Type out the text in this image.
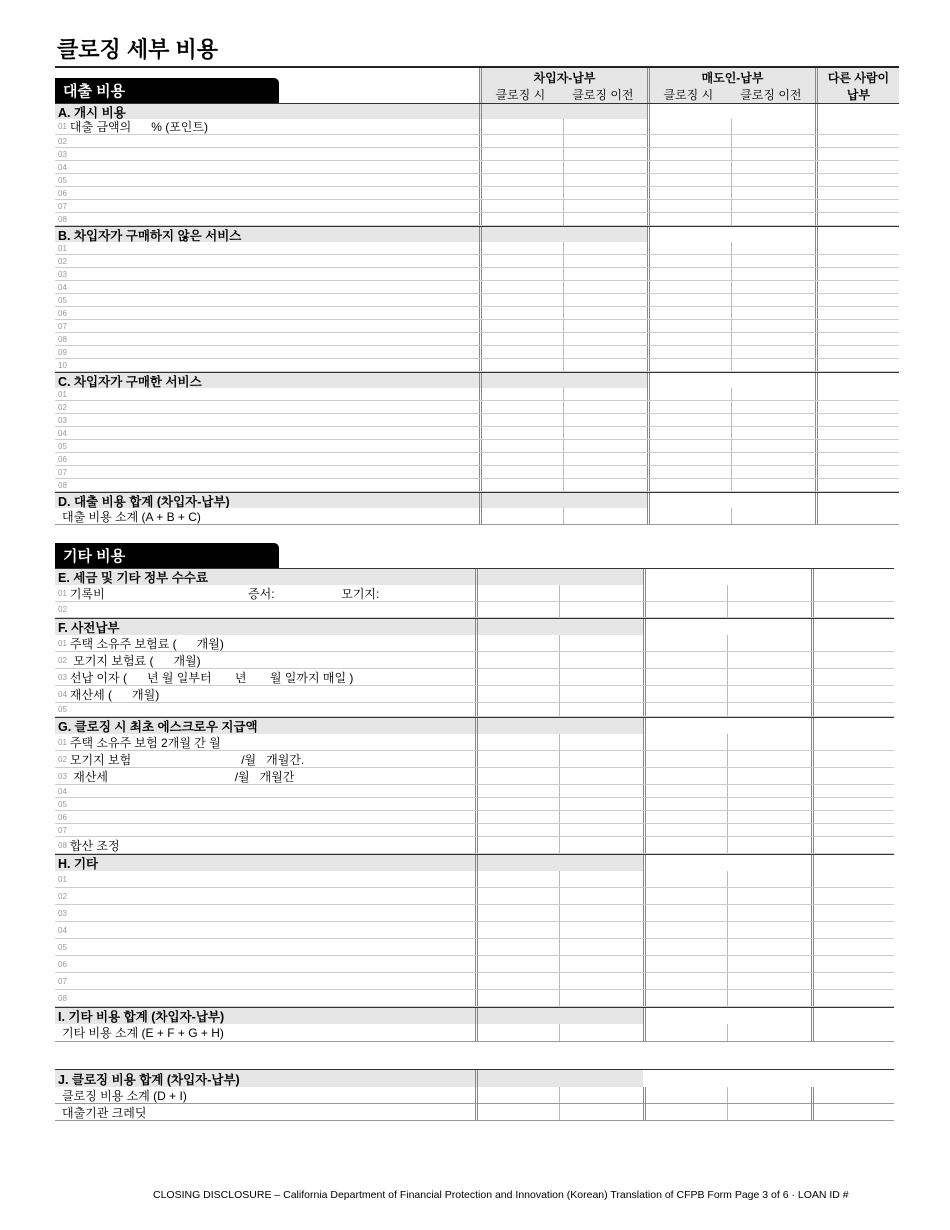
클로징 세부 비용
대출 비용
차입자-납부
클로징 시 클로징 이전
매도인-납부
클로징 시 클로징 이전
다른 사람이
납부
A. 개시 비용
01 대출 금액의      % (포인트)
02
03
04
05
06
07
08
B. 차입자가 구매하지 않은 서비스
01
02
03
04
05
06
07
08
09
10
C. 차입자가 구매한 서비스
01
02
03
04
05
06
07
08
D. 대출 비용 합계 (차입자-납부)
대출 비용 소계 (A + B + C)
기타 비용
E. 세금 및 기타 정부 수수료
01 기록비                                           증서:                    모기지:
02
F. 사전납부
01 주택 소유주 보험료 (      개월)
02 모기지 보험료 (      개월)
03 선납 이자 (      년 월 일부터       년       월 일까지 매일 )
04 재산세 (      개월)
05
G. 클로징 시 최초 에스크로우 지급액
01 주택 소유주 보험 2개월 간 월
02 모기지 보험                                 /월   개월간.
03 재산세                                      /월   개월간
04
05
06
07
08 합산 조정
H. 기타
01
02
03
04
05
06
07
08
I. 기타 비용 합계 (차입자-납부)
기타 비용 소계 (E + F + G + H)
J. 클로징 비용 합계 (차입자-납부)
클로징 비용 소계 (D + I)
대출기관 크레딧
CLOSING DISCLOSURE – California Department of Financial Protection and Innovation (Korean) Translation of CFPB Form Page 3 of 6 · LOAN ID #
